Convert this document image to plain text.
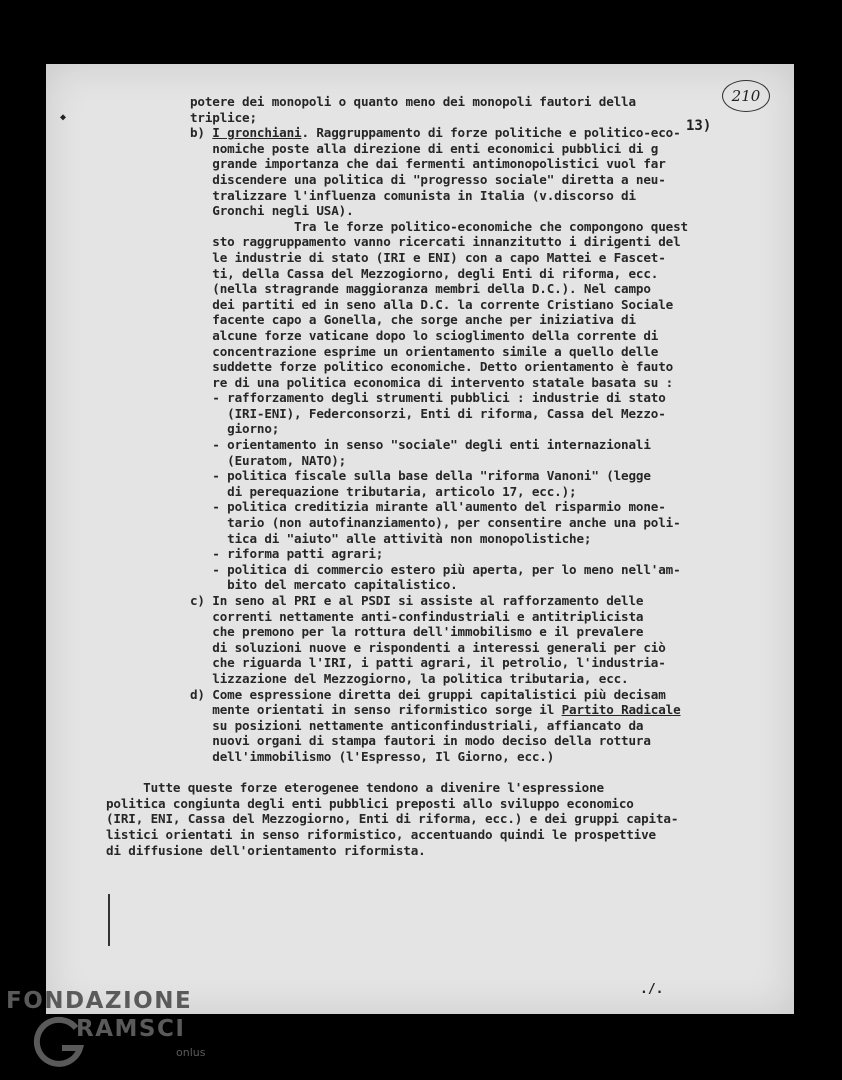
◆
210
13)
./.
potere dei monopoli o quanto meno dei monopoli fautori della
triplice;
b) I gronchiani. Raggruppamento di forze politiche e politico-eco-
nomiche poste alla direzione di enti economici pubblici di g
grande importanza che dai fermenti antimonopolistici vuol far
discendere una politica di "progresso sociale" diretta a neu-
tralizzare l'influenza comunista in Italia (v.discorso di
Gronchi negli USA).
Tra le forze politico-economiche che compongono quest
sto raggruppamento vanno ricercati innanzitutto i dirigenti del
le industrie di stato (IRI e ENI) con a capo Mattei e Fascet-
ti, della Cassa del Mezzogiorno, degli Enti di riforma, ecc.
(nella stragrande maggioranza membri della D.C.). Nel campo
dei partiti ed in seno alla D.C. la corrente Cristiano Sociale
facente capo a Gonella, che sorge anche per iniziativa di
alcune forze vaticane dopo lo scioglimento della corrente di
concentrazione esprime un orientamento simile a quello delle
suddette forze politico economiche. Detto orientamento è fauto
re di una politica economica di intervento statale basata su :
- rafforzamento degli strumenti pubblici : industrie di stato
(IRI-ENI), Federconsorzi, Enti di riforma, Cassa del Mezzo-
giorno;
- orientamento in senso "sociale" degli enti internazionali
(Euratom, NATO);
- politica fiscale sulla base della "riforma Vanoni" (legge
di perequazione tributaria, articolo 17, ecc.);
- politica creditizia mirante all'aumento del risparmio mone-
tario (non autofinanziamento), per consentire anche una poli-
tica di "aiuto" alle attività non monopolistiche;
- riforma patti agrari;
- politica di commercio estero più aperta, per lo meno nell'am-
bito del mercato capitalistico.
c) In seno al PRI e al PSDI si assiste al rafforzamento delle
correnti nettamente anti-confindustriali e antitriplicista
che premono per la rottura dell'immobilismo e il prevalere
di soluzioni nuove e rispondenti a interessi generali per ciò
che riguarda l'IRI, i patti agrari, il petrolio, l'industria-
lizzazione del Mezzogiorno, la politica tributaria, ecc.
d) Come espressione diretta dei gruppi capitalistici più decisam
mente orientati in senso riformistico sorge il Partito Radicale
su posizioni nettamente anticonfindustriali, affiancato da
nuovi organi di stampa fautori in modo deciso della rottura
dell'immobilismo (l'Espresso, Il Giorno, ecc.)
Tutte queste forze eterogenee tendono a divenire l'espressione
politica congiunta degli enti pubblici preposti allo sviluppo economico
(IRI, ENI, Cassa del Mezzogiorno, Enti di riforma, ecc.) e dei gruppi capita-
listici orientati in senso riformistico, accentuando quindi le prospettive
di diffusione dell'orientamento riformista.
FONDAZIONE
RAMSCI
onlus
